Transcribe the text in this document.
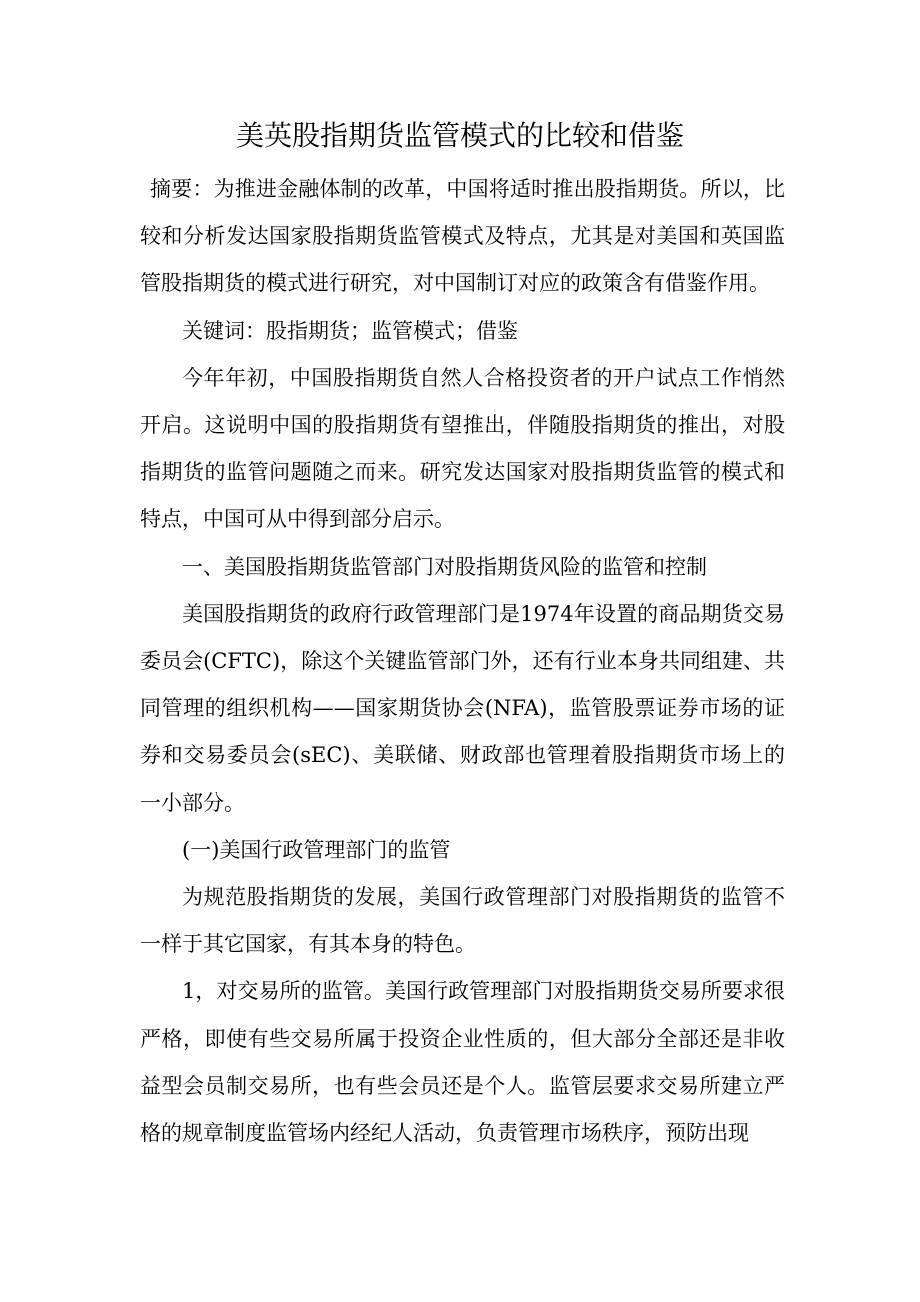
美英股指期货监管模式的比较和借鉴

摘要：为推进金融体制的改革，中国将适时推出股指期货。所以，比较和分析发达国家股指期货监管模式及特点，尤其是对美国和英国监管股指期货的模式进行研究，对中国制订对应的政策含有借鉴作用。

关键词：股指期货；监管模式；借鉴

今年年初，中国股指期货自然人合格投资者的开户试点工作悄然开启。这说明中国的股指期货有望推出，伴随股指期货的推出，对股指期货的监管问题随之而来。研究发达国家对股指期货监管的模式和特点，中国可从中得到部分启示。

一、美国股指期货监管部门对股指期货风险的监管和控制

美国股指期货的政府行政管理部门是1974年设置的商品期货交易委员会(CFTC)，除这个关键监管部门外，还有行业本身共同组建、共同管理的组织机构——国家期货协会(NFA)，监管股票证券市场的证券和交易委员会(sEC)、美联储、财政部也管理着股指期货市场上的一小部分。

(一)美国行政管理部门的监管

为规范股指期货的发展，美国行政管理部门对股指期货的监管不一样于其它国家，有其本身的特色。

1，对交易所的监管。美国行政管理部门对股指期货交易所要求很严格，即使有些交易所属于投资企业性质的，但大部分全部还是非收益型会员制交易所，也有些会员还是个人。监管层要求交易所建立严格的规章制度监管场内经纪人活动，负责管理市场秩序，预防出现
